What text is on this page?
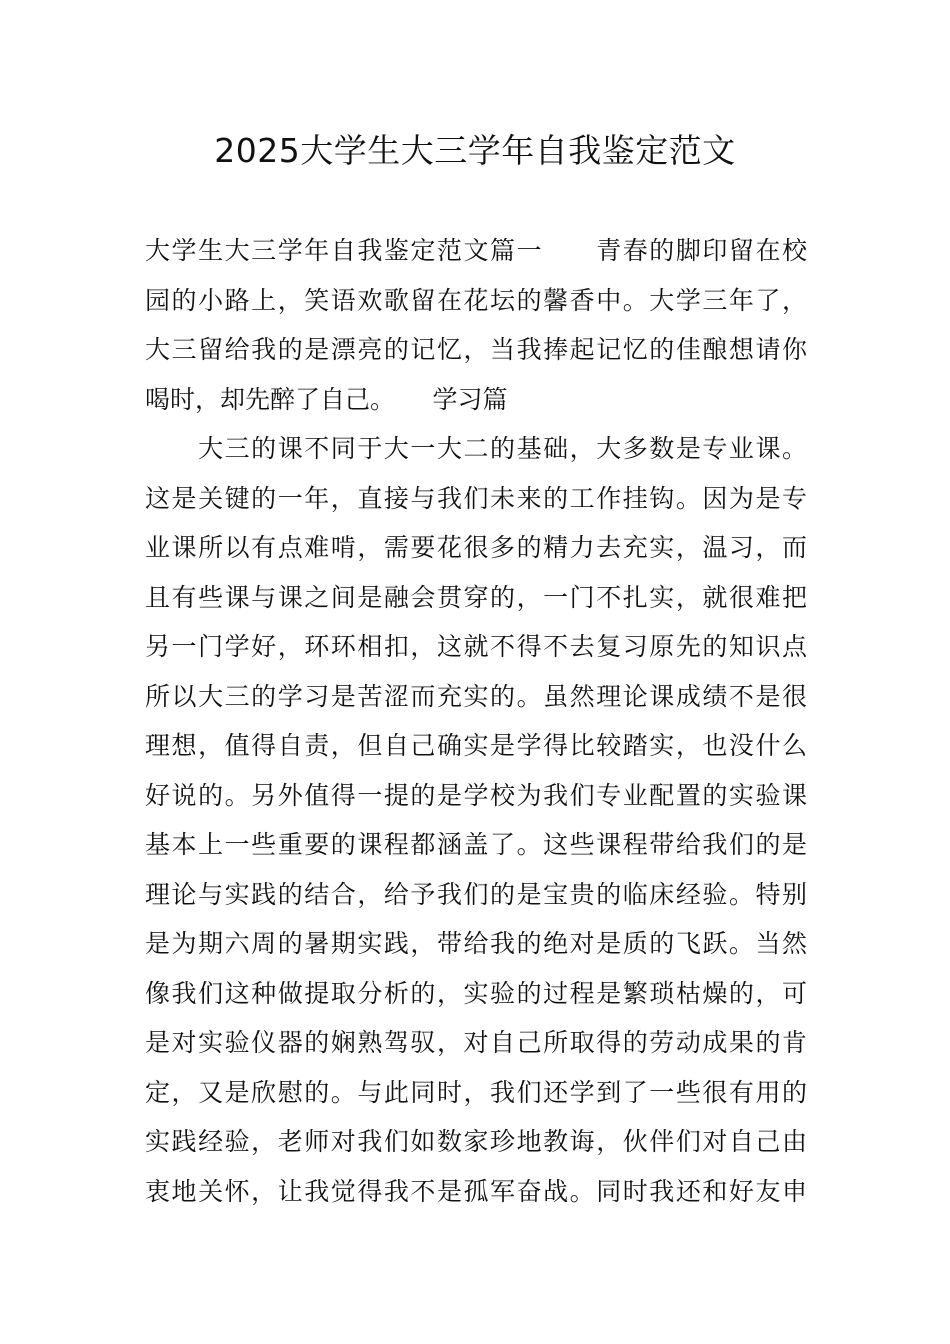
2025大学生大三学年自我鉴定范文
大学生大三学年自我鉴定范文篇一　　青春的脚印留在校
园的小路上，笑语欢歌留在花坛的馨香中。大学三年了，
大三留给我的是漂亮的记忆，当我捧起记忆的佳酿想请你
喝时，却先醉了自己。　　学习篇
　　大三的课不同于大一大二的基础，大多数是专业课。
这是关键的一年，直接与我们未来的工作挂钩。因为是专
业课所以有点难啃，需要花很多的精力去充实，温习，而
且有些课与课之间是融会贯穿的，一门不扎实，就很难把
另一门学好，环环相扣，这就不得不去复习原先的知识点
所以大三的学习是苦涩而充实的。虽然理论课成绩不是很
理想，值得自责，但自己确实是学得比较踏实，也没什么
好说的。另外值得一提的是学校为我们专业配置的实验课
基本上一些重要的课程都涵盖了。这些课程带给我们的是
理论与实践的结合，给予我们的是宝贵的临床经验。特别
是为期六周的暑期实践，带给我的绝对是质的飞跃。当然
像我们这种做提取分析的，实验的过程是繁琐枯燥的，可
是对实验仪器的娴熟驾驭，对自己所取得的劳动成果的肯
定，又是欣慰的。与此同时，我们还学到了一些很有用的
实践经验，老师对我们如数家珍地教诲，伙伴们对自己由
衷地关怀，让我觉得我不是孤军奋战。同时我还和好友申
